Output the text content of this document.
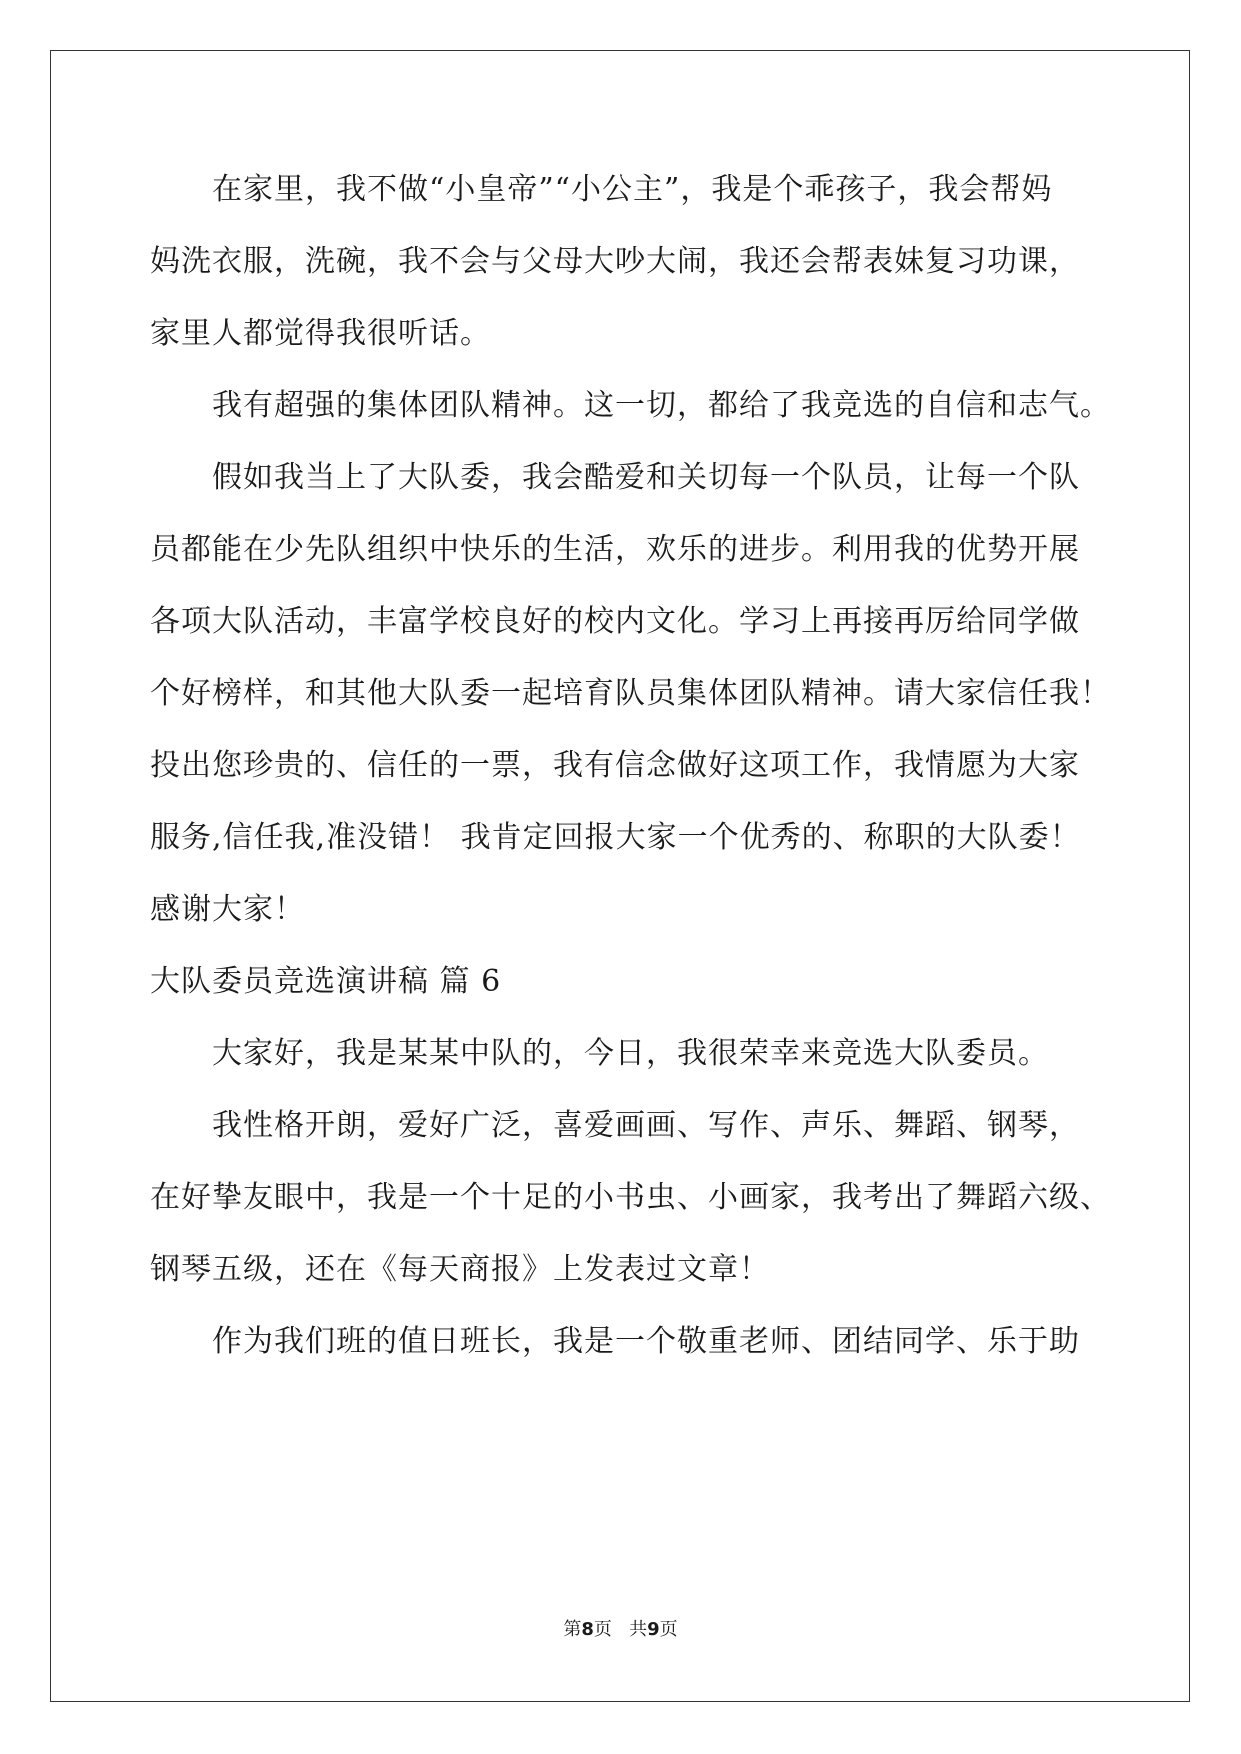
　　在家里，我不做“小皇帝”“小公主”，我是个乖孩子，我会帮妈
妈洗衣服，洗碗，我不会与父母大吵大闹，我还会帮表妹复习功课，
家里人都觉得我很听话。
　　我有超强的集体团队精神。这一切，都给了我竞选的自信和志气。
　　假如我当上了大队委，我会酷爱和关切每一个队员，让每一个队
员都能在少先队组织中快乐的生活，欢乐的进步。利用我的优势开展
各项大队活动，丰富学校良好的校内文化。学习上再接再厉给同学做
个好榜样，和其他大队委一起培育队员集体团队精神。请大家信任我！
投出您珍贵的、信任的一票，我有信念做好这项工作，我情愿为大家
服务,信任我,准没错！ 我肯定回报大家一个优秀的、称职的大队委！
感谢大家！
大队委员竞选演讲稿 篇 6
　　大家好，我是某某中队的，今日，我很荣幸来竞选大队委员。
　　我性格开朗，爱好广泛，喜爱画画、写作、声乐、舞蹈、钢琴，
在好挚友眼中，我是一个十足的小书虫、小画家，我考出了舞蹈六级、
钢琴五级，还在《每天商报》上发表过文章！
　　作为我们班的值日班长，我是一个敬重老师、团结同学、乐于助
第8页   共9页
